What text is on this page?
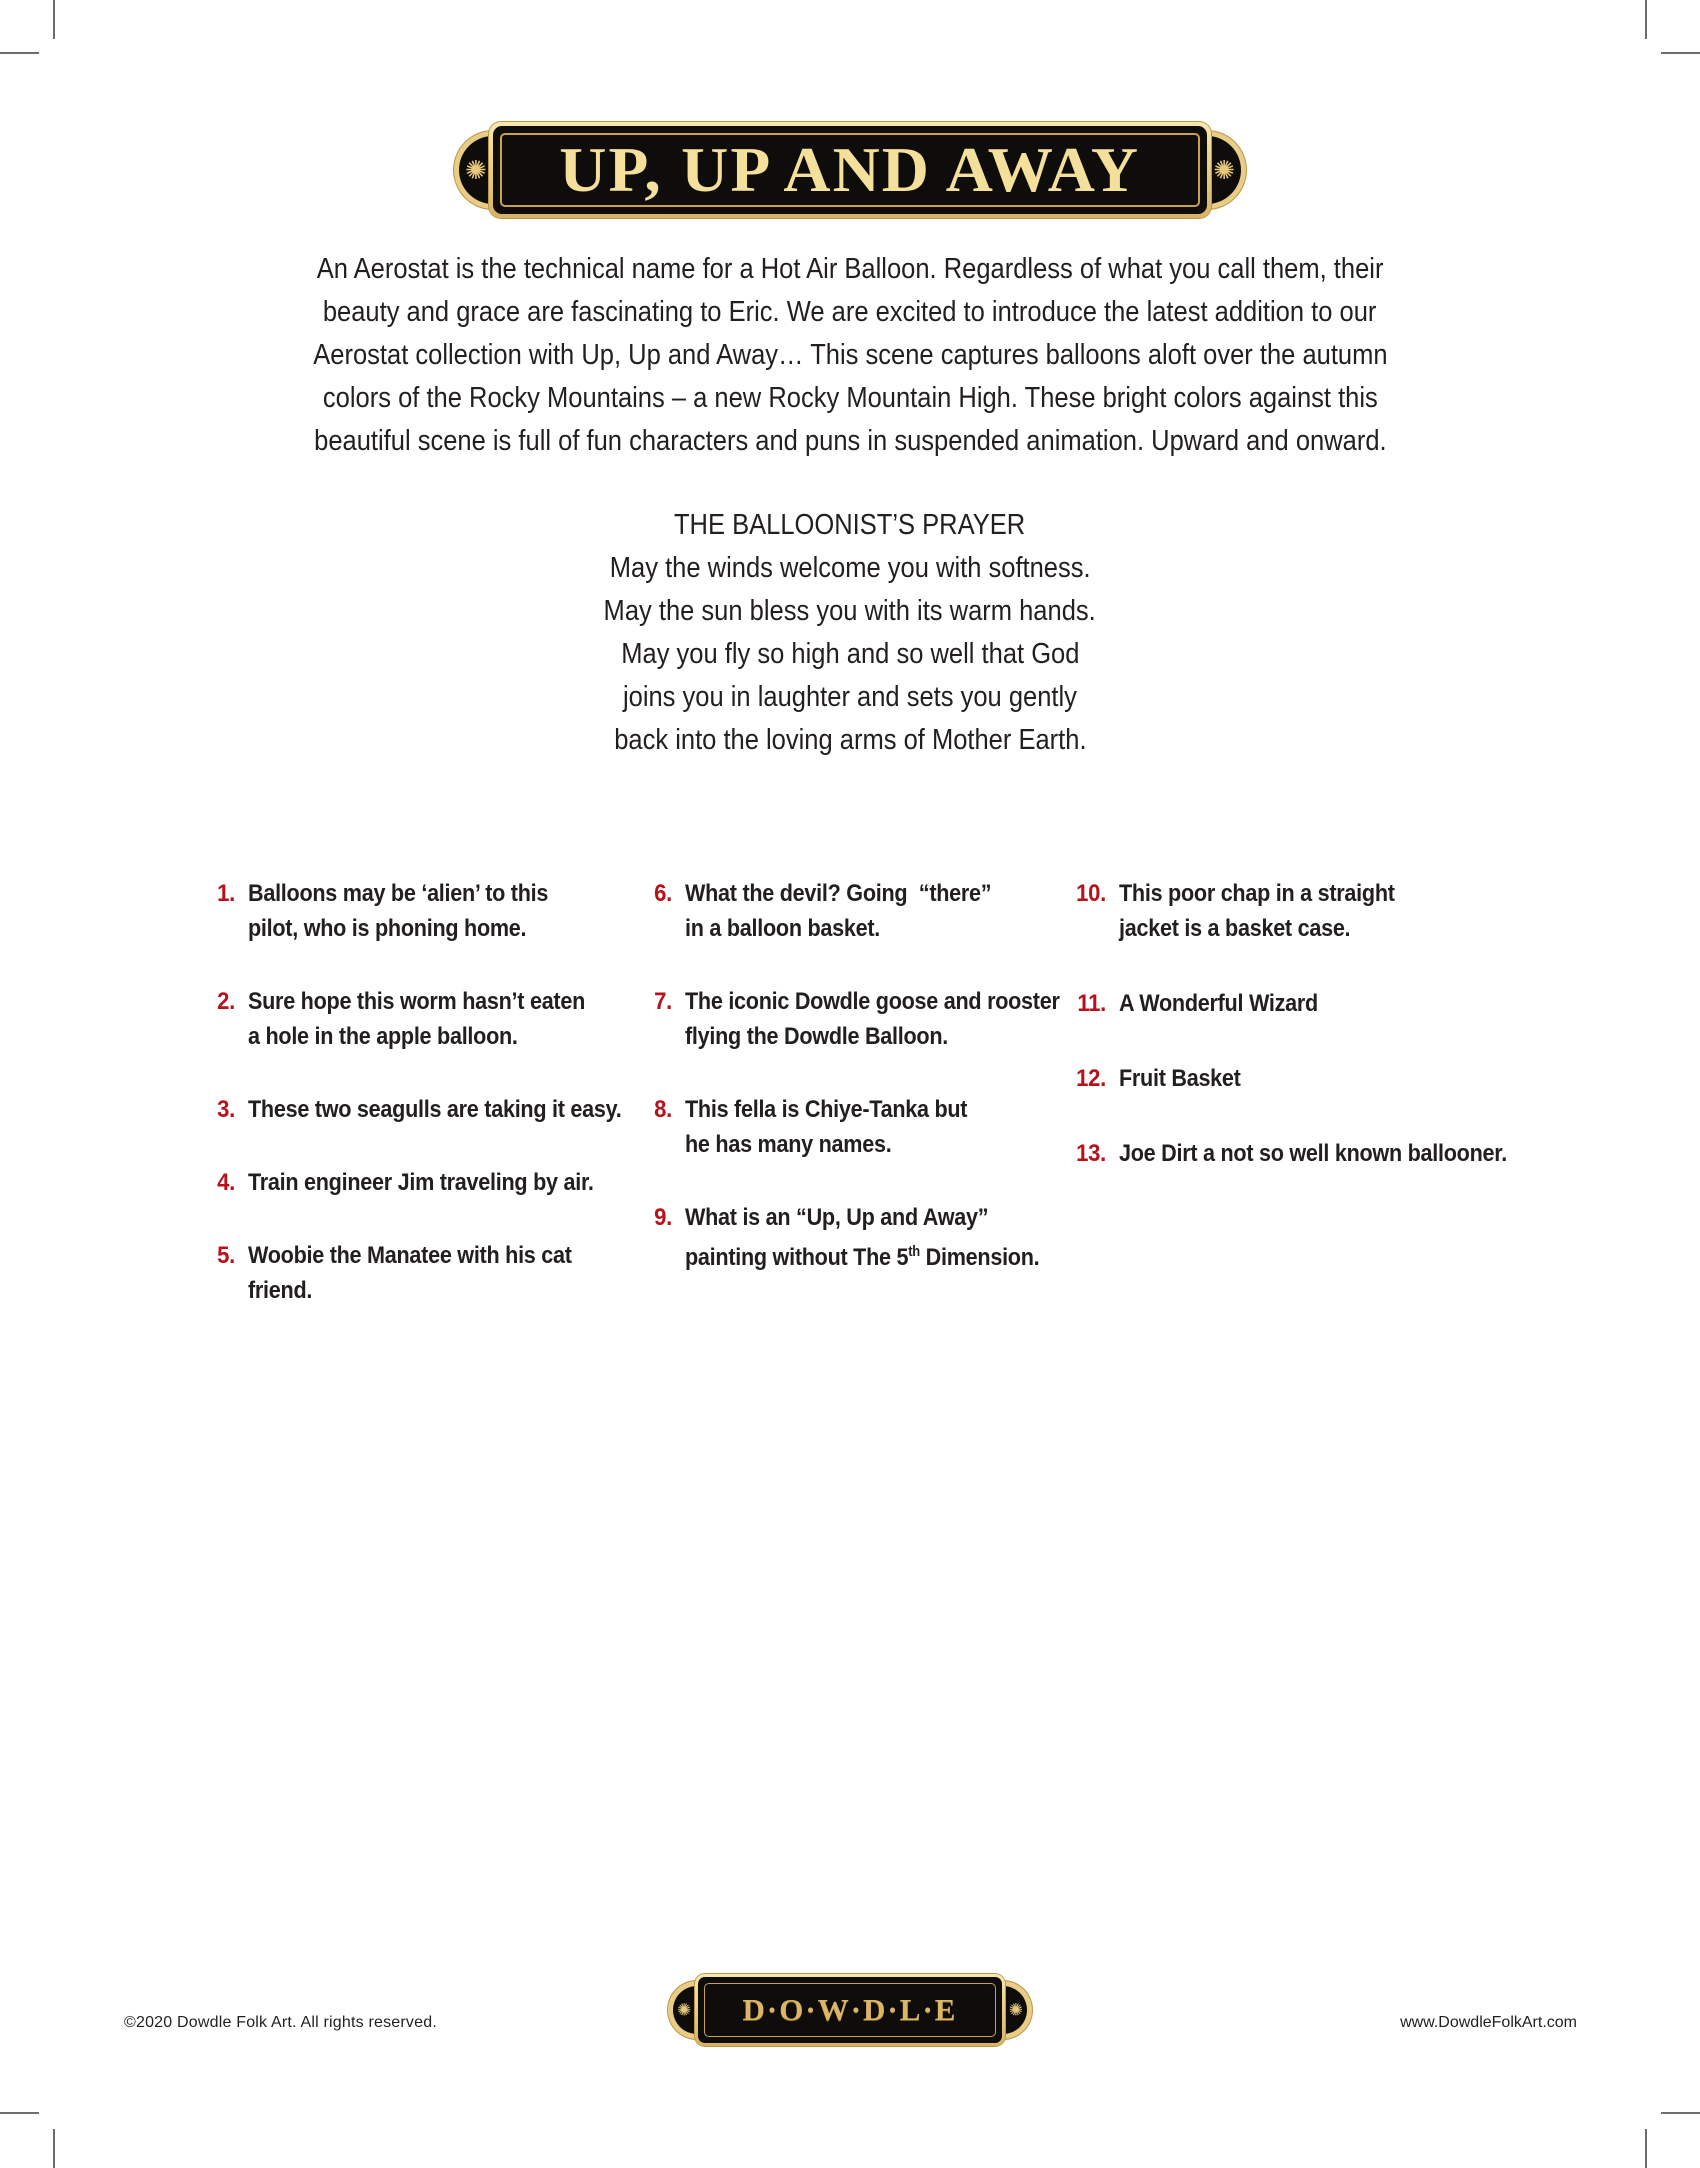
UP, UP AND AWAY
✺	✺
An Aerostat is the technical name for a Hot Air Balloon. Regardless of what you call them, their
beauty and grace are fascinating to Eric. We are excited to introduce the latest addition to our
Aerostat collection with Up, Up and Away… This scene captures balloons aloft over the autumn
colors of the Rocky Mountains – a new Rocky Mountain High. These bright colors against this
beautiful scene is full of fun characters and puns in suspended animation. Upward and onward.
THE BALLOONIST’S PRAYER
May the winds welcome you with softness.
May the sun bless you with its warm hands.
May you fly so high and so well that God
joins you in laughter and sets you gently
back into the loving arms of Mother Earth.
1. Balloons may be ‘alien’ to this
pilot, who is phoning home.
2. Sure hope this worm hasn’t eaten
a hole in the apple balloon.
3. These two seagulls are taking it easy.
4. Train engineer Jim traveling by air.
5. Woobie the Manatee with his cat friend.
6. What the devil? Going  “there”
in a balloon basket.
7. The iconic Dowdle goose and rooster
flying the Dowdle Balloon.
8. This fella is Chiye-Tanka but
he has many names.
9. What is an “Up, Up and Away”
painting without The 5th Dimension.
10. This poor chap in a straight
jacket is a basket case.
11. A Wonderful Wizard
12. Fruit Basket
13. Joe Dirt a not so well known ballooner.
D·O·W·D·L·E
✺	✺
©2020 Dowdle Folk Art. All rights reserved.	www.DowdleFolkArt.com
